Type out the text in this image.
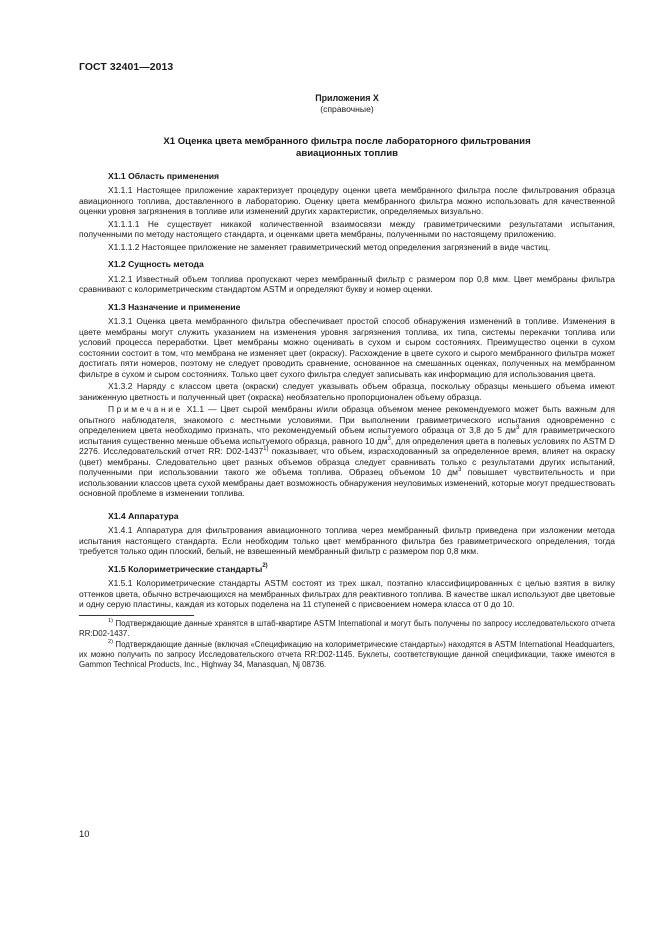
ГОСТ 32401—2013
Приложения Х
(справочные)
Х1 Оценка цвета мембранного фильтра после лабораторного фильтрования
авиационных топлив
Х1.1 Область применения

Х1.1.1 Настоящее приложение характеризует процедуру оценки цвета мембранного фильтра после фильтрования образца авиационного топлива, доставленного в лабораторию. Оценку цвета мембранного фильтра можно использовать для качественной оценки уровня загрязнения в топливе или изменений других характеристик, определяемых визуально.

Х1.1.1.1 Не существует никакой количественной взаимосвязи между гравиметрическими результатами испытания, полученными по методу настоящего стандарта, и оценками цвета мембраны, полученными по настоящему приложению.

Х1.1.1.2 Настоящее приложение не заменяет гравиметрический метод определения загрязнений в виде частиц.

Х1.2 Сущность метода

Х1.2.1 Известный объем топлива пропускают через мембранный фильтр с размером пор 0,8 мкм. Цвет мембраны фильтра сравнивают с колориметрическим стандартом ASTM и определяют букву и номер оценки.

Х1.3 Назначение и применение

Х1.3.1 Оценка цвета мембранного фильтра обеспечивает простой способ обнаружения изменений в топливе. Изменения в цвете мембраны могут служить указанием на изменения уровня загрязнения топлива, их типа, системы перекачки топлива или условий процесса переработки. Цвет мембраны можно оценивать в сухом и сыром состояниях. Преимущество оценки в сухом состоянии состоит в том, что мембрана не изменяет цвет (окраску). Расхождение в цвете сухого и сырого мембранного фильтра может достигать пяти номеров, поэтому не следует проводить сравнение, основанное на смешанных оценках, полученных на мембранном фильтре в сухом и сыром состояниях. Только цвет сухого фильтра следует записывать как информацию для использования цвета.

Х1.3.2 Наряду с классом цвета (окраски) следует указывать объем образца, поскольку образцы меньшего объема имеют заниженную цветность и полученный цвет (окраска) необязательно пропорционален объему образца.

Примечание Х1.1 — Цвет сырой мембраны и/или образца объемом менее рекомендуемого может быть важным для опытного наблюдателя, знакомого с местными условиями. При выполнении гравиметрического испытания одновременно с определением цвета необходимо признать, что рекомендуемый объем испытуемого образца от 3,8 до 5 $дм^3$ для гравиметрического испытания существенно меньше объема испытуемого образца, равного 10 $дм^3$, для определения цвета в полевых условиях по ASTM D 2276. Исследовательский отчет RR: D02-1437$^{1)}$ показывает, что объем, израсходованный за определенное время, влияет на окраску (цвет) мембраны. Следовательно цвет разных объемов образца следует сравнивать только с результатами других испытаний, полученными при использовании такого же объема топлива. Образец объемом 10 $дм^3$ повышает чувствительность и при использовании классов цвета сухой мембраны дает возможность обнаружения неуловимых изменений, которые могут предшествовать основной проблеме в изменении топлива.

Х1.4 Аппаратура

Х1.4.1 Аппаратура для фильтрования авиационного топлива через мембранный фильтр приведена при изложении метода испытания настоящего стандарта. Если необходим только цвет мембранного фильтра без гравиметрического определения, тогда требуется только один плоский, белый, не взвешенный мембранный фильтр с размером пор 0,8 мкм.

Х1.5 Колориметрические стандарты$^{2)}$

Х1.5.1 Колориметрические стандарты ASTM состоят из трех шкал, поэтапно классифицированных с целью взятия в вилку оттенков цвета, обычно встречающихся на мембранных фильтрах для реактивного топлива. В качестве шкал используют две цветовые и одну серую пластины, каждая из которых поделена на 11 ступеней с присвоением номера класса от 0 до 10.

$^{1)}$ Подтверждающие данные хранятся в штаб-квартире ASTM International и могут быть получены по запросу исследовательского отчета RR:D02-1437.

$^{2)}$ Подтверждающие данные (включая «Спецификацию на колориметрические стандарты») находятся в ASTM International Headquarters, их можно получить по запросу Исследовательского отчета RR:D02-1145. Буклеты, соответствующие данной спецификации, также имеются в Gammon Technical Products, Inc., Highway 34, Manasquan, Nj 08736.

10
